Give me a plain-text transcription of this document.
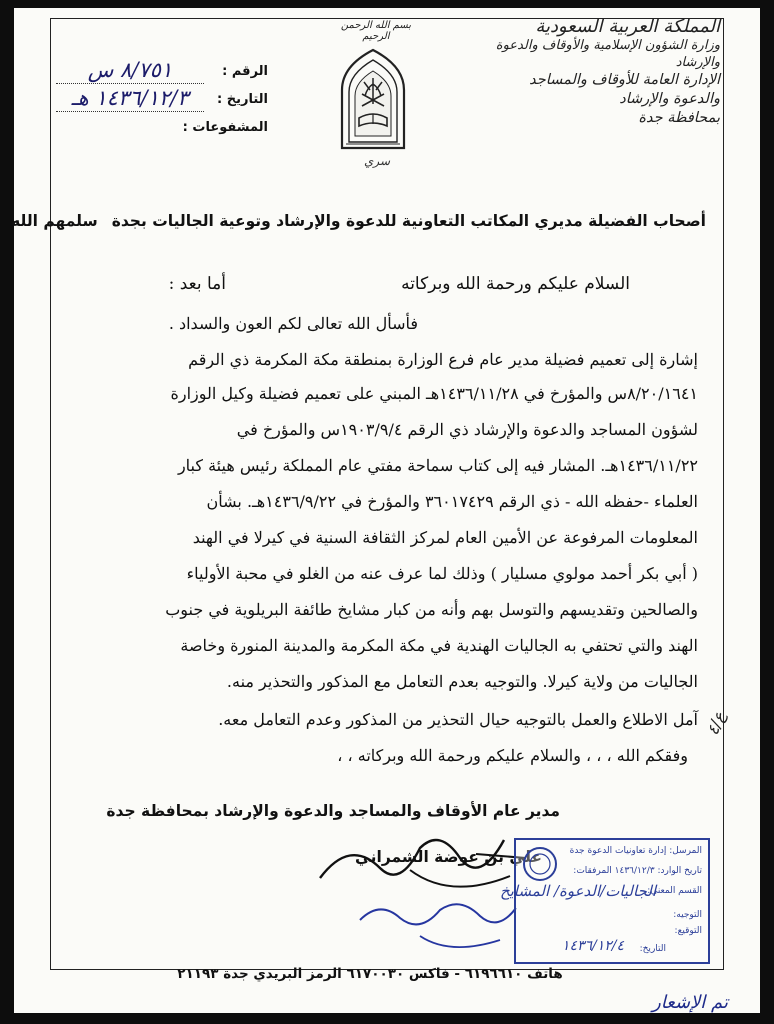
المملكة العربية السعودية
وزارة الشؤون الإسلامية والأوقاف والدعوة والإرشاد
الإدارة العامة للأوقاف والمساجد
والدعوة والإرشاد
بمحافظة جدة
بسم الله الرحمن الرحيم
سري
الرقم :
٨/٧٥١ س
التاريخ :
١٤٣٦/١٢/٣ هـ
المشفوعات :
أصحاب الفضيلة مديري المكاتب التعاونية للدعوة والإرشاد وتوعية الجاليات بجدةسلمهم الله
السلام عليكم ورحمة الله وبركاته
أما بعد :
فأسأل الله تعالى لكم العون والسداد .
إشارة إلى تعميم فضيلة مدير عام فرع الوزارة بمنطقة مكة المكرمة ذي الرقم
٨/٢٠/١٦٤١س والمؤرخ في ١٤٣٦/١١/٢٨هـ المبني على تعميم فضيلة وكيل الوزارة
لشؤون المساجد والدعوة والإرشاد ذي الرقم ١٩٠٣/٩/٤س والمؤرخ في
١٤٣٦/١١/٢٢هـ. المشار فيه إلى كتاب سماحة مفتي عام المملكة رئيس هيئة كبار
العلماء -حفظه الله - ذي الرقم ٣٦٠١٧٤٢٩ والمؤرخ في ١٤٣٦/٩/٢٢هـ. بشأن
المعلومات المرفوعة عن الأمين العام لمركز الثقافة السنية في كيرلا في الهند
( أبي بكر أحمد مولوي مسليار ) وذلك لما عرف عنه من الغلو في محبة الأولياء
والصالحين وتقديسهم والتوسل بهم وأنه من كبار مشايخ طائفة البريلوية في جنوب
الهند والتي تحتفي به الجاليات الهندية في مكة المكرمة والمدينة المنورة وخاصة
الجاليات من ولاية كيرلا. والتوجيه بعدم التعامل مع المذكور والتحذير منه.
آمل الاطلاع والعمل بالتوجيه حيال التحذير من المذكور وعدم التعامل معه.
وفقكم الله ، ، ، والسلام عليكم ورحمة الله وبركاته ، ،
ع/٤
مدير عام الأوقاف والمساجد والدعوة والإرشاد بمحافظة جدة
علي بن عوضة الشمراني	المرسل: إدارة تعاونيات الدعوة جدة
تاريخ الوارد: ١٤٣٦/١٢/٣ المرفقات:
القسم المعني:
الجاليات/الدعوة/ المشايخ
التوجيه:
التوقيع:
التاريخ:
١٤٣٦/١٢/٤
هاتف ٦١٩٦٦١٠ - فاكس ٦١٧٠٠٣٠ الرمز البريدي جدة ٢١١٩٣
تم الإشعار
